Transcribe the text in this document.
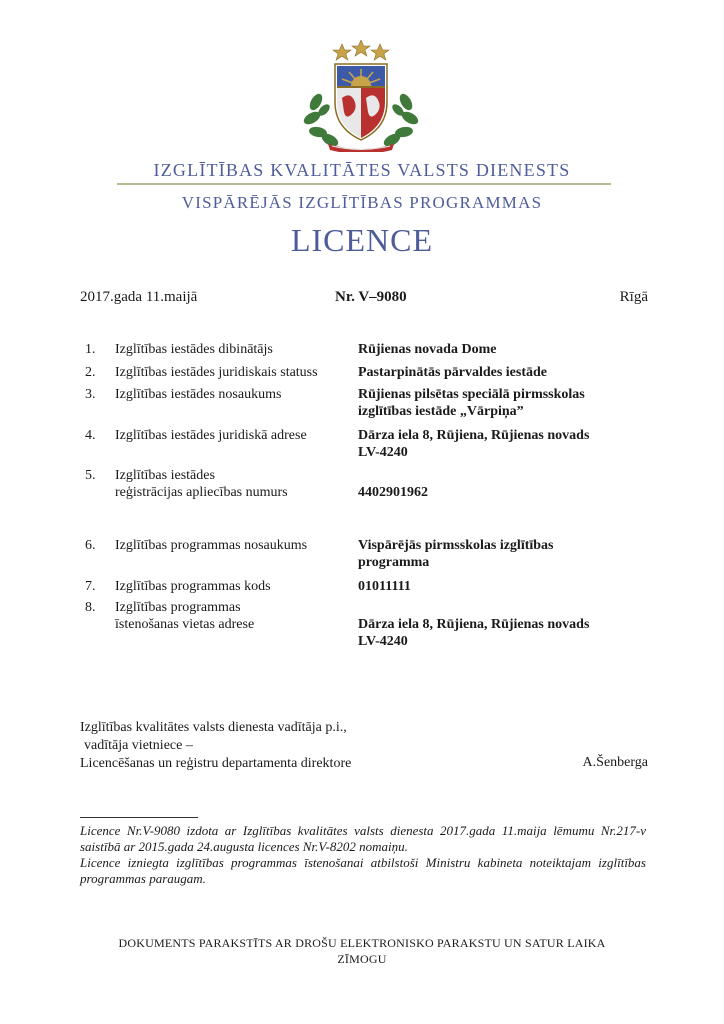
IZGLĪTĪBAS KVALITĀTES VALSTS DIENESTS
VISPĀRĒJĀS IZGLĪTĪBAS PROGRAMMAS
LICENCE
2017.gada 11.maijā	Nr. V–9080	Rīgā
1.	Izglītības iestādes dibinātājs	Rūjienas novada Dome
2.	Izglītības iestādes juridiskais statuss	Pastarpinātās pārvaldes iestāde
3.	Izglītības iestādes nosaukums	Rūjienas pilsētas speciālā pirmsskolas
izglītības iestāde „Vārpiņa”
4.	Izglītības iestādes juridiskā adrese	Dārza iela 8, Rūjiena, Rūjienas novads
LV-4240
5.	Izglītības iestādes
reģistrācijas apliecības numurs	4402901962
6.	Izglītības programmas nosaukums	Vispārējās pirmsskolas izglītības
programma
7.	Izglītības programmas kods	01011111
8.	Izglītības programmas
īstenošanas vietas adrese	Dārza iela 8, Rūjiena, Rūjienas novads
LV-4240
Izglītības kvalitātes valsts dienesta vadītāja p.i.,
vadītāja vietniece –
Licencēšanas un reģistru departamenta direktore	A.Šenberga

Licence Nr.V-9080 izdota ar Izglītības kvalitātes valsts dienesta 2017.gada 11.maija lēmumu Nr.217-v saistībā ar 2015.gada 24.augusta licences Nr.V-8202 nomaiņu.

Licence izniegta izglītības programmas īstenošanai atbilstoši Ministru kabineta noteiktajam izglītības programmas paraugam.

DOKUMENTS PARAKSTĪTS AR DROŠU ELEKTRONISKO PARAKSTU UN SATUR LAIKA
ZĪMOGU
